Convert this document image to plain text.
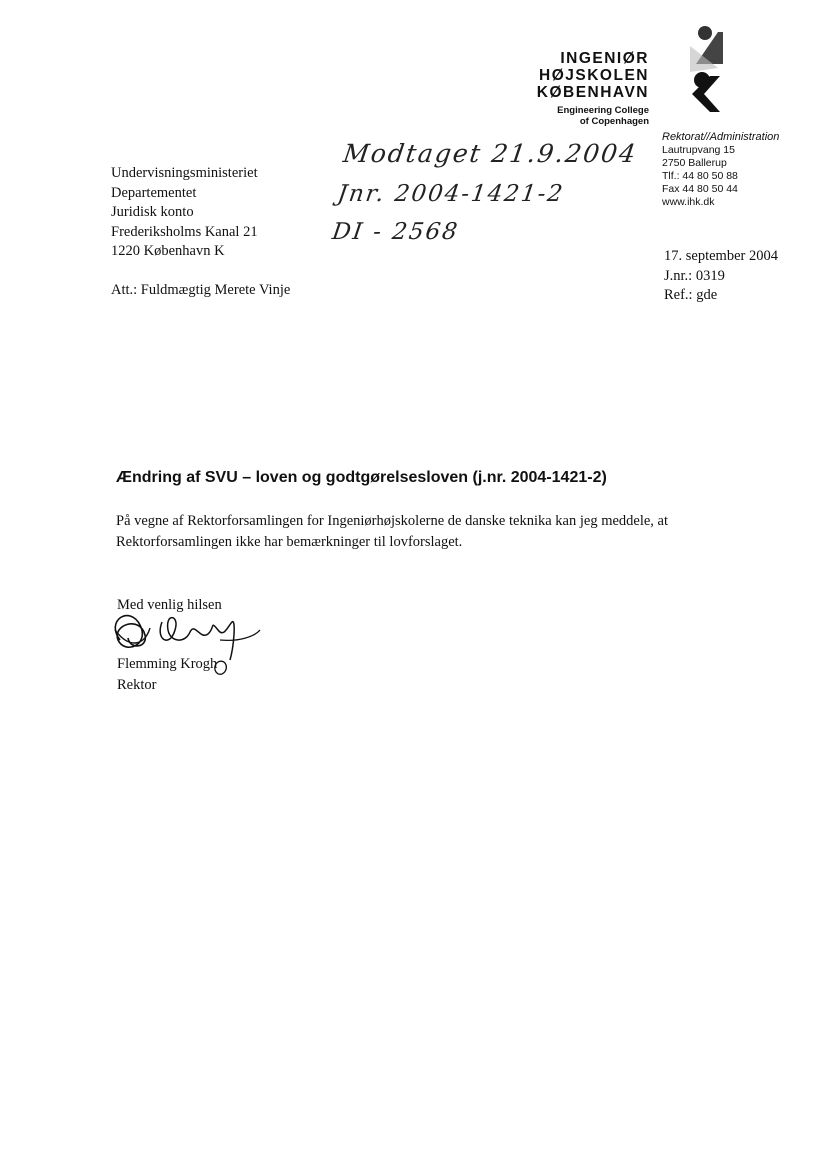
INGENIØR
HØJSKOLEN
KØBENHAVN
Engineering College
of Copenhagen
Rektorat//Administration
Lautrupvang 15
2750 Ballerup
Tlf.: 44 80 50 88
Fax 44 80 50 44
www.ihk.dk
Modtaget 21.9.2004
Jnr. 2004-1421-2
DI - 2568
Undervisningsministeriet
Departementet
Juridisk konto
Frederiksholms Kanal 21
1220 København K
Att.: Fuldmægtig Merete Vinje
17. september 2004
J.nr.: 0319
Ref.: gde
Ændring af SVU – loven og godtgørelsesloven (j.nr. 2004-1421-2)
På vegne af Rektorforsamlingen for Ingeniørhøjskolerne de danske teknika kan jeg meddele, at
Rektorforsamlingen ikke har bemærkninger til lovforslaget.
Med venlig hilsen
Flemming Krogh
Rektor
